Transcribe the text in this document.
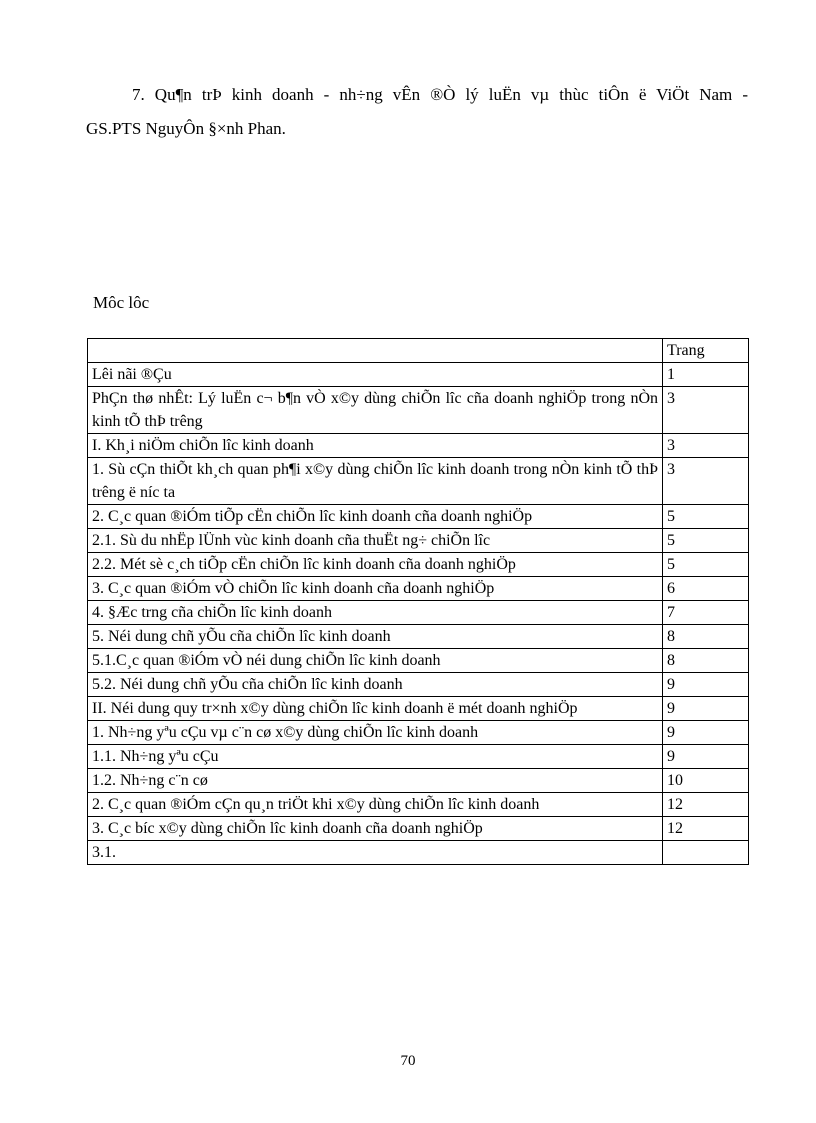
7. Qu¶n trÞ kinh doanh - nh÷ng vÊn ®Ò lý luËn vµ thùc tiÔn ë ViÖt Nam -
GS.PTS NguyÔn §×nh Phan.
Môc lôc
	Trang
Lêi nãi ®Çu	1
PhÇn thø nhÊt: Lý luËn c¬ b¶n vÒ x©y dùng chiÕn lîc cña doanh nghiÖp trong nÒn kinh tÕ thÞ trêng	3
I. Kh¸i niÖm chiÕn lîc kinh doanh	3
1. Sù cÇn thiÕt kh¸ch quan ph¶i x©y dùng chiÕn lîc kinh doanh trong nÒn kinh tÕ thÞ trêng ë níc ta	3
2. C¸c quan ®iÓm tiÕp cËn chiÕn lîc kinh doanh cña doanh nghiÖp	5
2.1. Sù du nhËp lÜnh vùc kinh doanh cña thuËt ng÷ chiÕn lîc	5
2.2. Mét sè c¸ch tiÕp cËn chiÕn lîc kinh doanh cña doanh nghiÖp	5
3. C¸c quan ®iÓm vÒ chiÕn lîc kinh doanh cña doanh nghiÖp	6
4. §Æc trng cña chiÕn lîc kinh doanh	7
5. Néi dung chñ yÕu cña chiÕn lîc kinh doanh	8
5.1.C¸c quan ®iÓm vÒ néi dung chiÕn lîc kinh doanh	8
5.2. Néi dung chñ yÕu cña chiÕn lîc kinh doanh	9
II. Néi dung quy tr×nh x©y dùng chiÕn lîc kinh doanh ë mét doanh nghiÖp	9
1. Nh÷ng yªu cÇu vµ c¨n cø x©y dùng chiÕn lîc kinh doanh	9
1.1. Nh÷ng yªu cÇu	9
1.2. Nh÷ng c¨n cø	10
2. C¸c quan ®iÓm cÇn qu¸n triÖt khi x©y dùng chiÕn lîc kinh doanh	12
3. C¸c bíc x©y dùng chiÕn lîc kinh doanh cña doanh nghiÖp	12
3.1.	
70
